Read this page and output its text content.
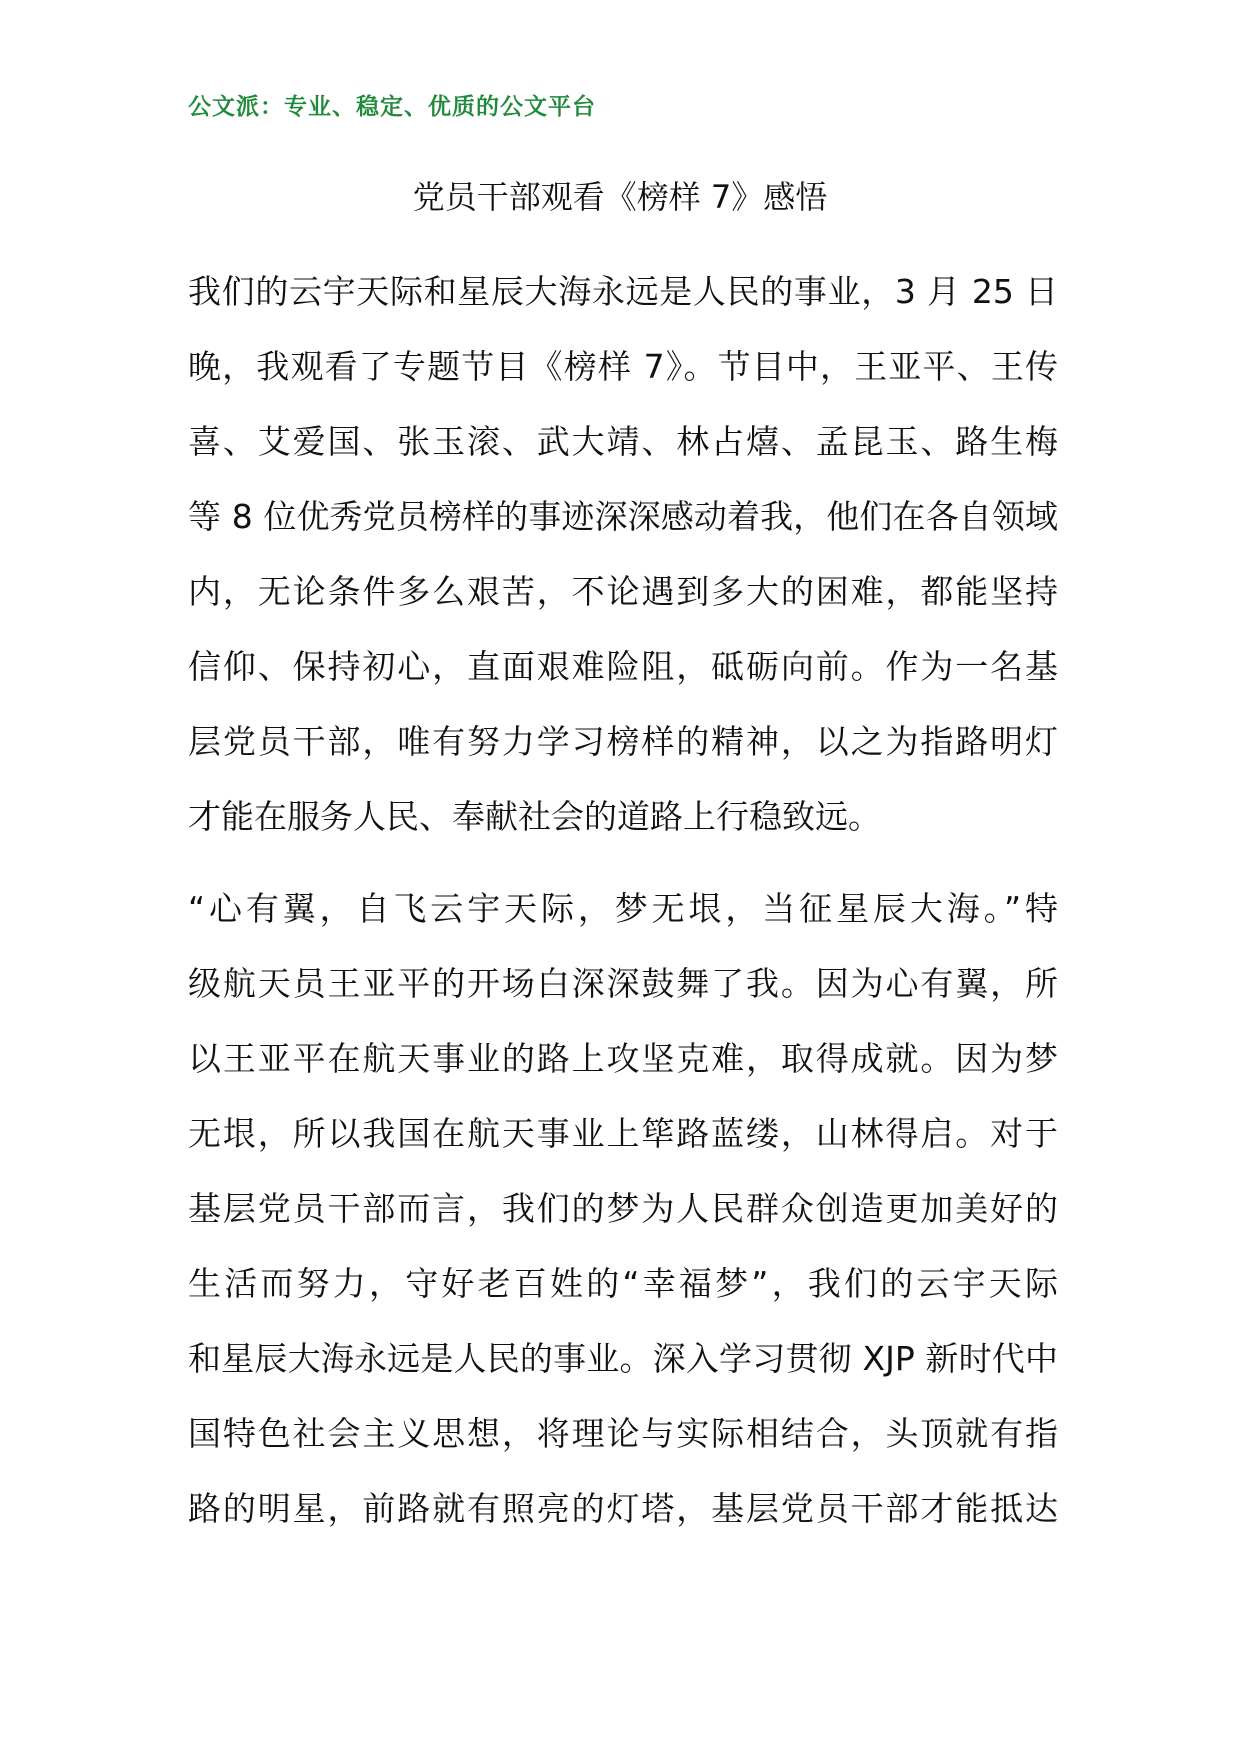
公文派：专业、稳定、优质的公文平台
党员干部观看《榜样 7》感悟
我们的云宇天际和星辰大海永远是人民的事业，3 月 25 日
晚，我观看了专题节目《榜样 7》。节目中，王亚平、王传
喜、艾爱国、张玉滚、武大靖、林占熺、孟昆玉、路生梅
等 8 位优秀党员榜样的事迹深深感动着我，他们在各自领域
内，无论条件多么艰苦，不论遇到多大的困难，都能坚持
信仰、保持初心，直面艰难险阻，砥砺向前。作为一名基
层党员干部，唯有努力学习榜样的精神，以之为指路明灯
才能在服务人民、奉献社会的道路上行稳致远。
“心有翼，自飞云宇天际，梦无垠，当征星辰大海。”特
级航天员王亚平的开场白深深鼓舞了我。因为心有翼，所
以王亚平在航天事业的路上攻坚克难，取得成就。因为梦
无垠，所以我国在航天事业上筚路蓝缕，山林得启。对于
基层党员干部而言，我们的梦为人民群众创造更加美好的
生活而努力，守好老百姓的“幸福梦”，我们的云宇天际
和星辰大海永远是人民的事业。深入学习贯彻 XJP 新时代中
国特色社会主义思想，将理论与实际相结合，头顶就有指
路的明星，前路就有照亮的灯塔，基层党员干部才能抵达
